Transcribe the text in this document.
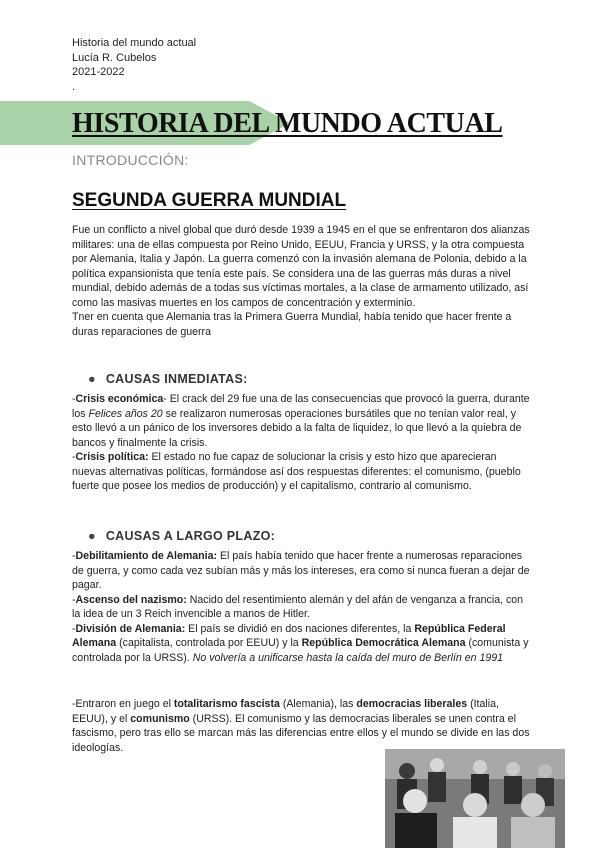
Historia del mundo actual
Lucía R. Cubelos
2021-2022
.
HISTORIA DEL MUNDO ACTUAL
INTRODUCCIÓN:
SEGUNDA GUERRA MUNDIAL
Fue un conflicto a nivel global que duró desde 1939 a 1945 en el que se enfrentaron dos alianzas militares: una de ellas compuesta por Reino Unido, EEUU, Francia y URSS, y la otra compuesta por Alemania, Italia y Japón. La guerra comenzó con la invasión alemana de Polonia, debido a la política expansionista que tenía este país. Se considera una de las guerras más duras a nivel mundial, debido además de a todas sus víctimas mortales, a la clase de armamento utilizado, así como las masivas muertes en los campos de concentración y exterminio.
Tner en cuenta que Alemania tras la Primera Guerra Mundial, había tenido que hacer frente a duras reparaciones de guerra
● CAUSAS INMEDIATAS:

-Crisis económica- El crack del 29 fue una de las consecuencias que provocó la guerra, durante los Felices años 20 se realizaron numerosas operaciones bursátiles que no tenían valor real, y esto llevó a un pánico de los inversores debido a la falta de liquidez, lo que llevó a la quiebra de bancos y finalmente la crisis.

-Crisis política: El estado no fue capaz de solucionar la crisis y esto hizo que aparecieran nuevas alternativas políticas, formándose así dos respuestas diferentes: el comunismo, (pueblo fuerte que posee los medios de producción) y el capitalismo, contrario al comunismo.

● CAUSAS A LARGO PLAZO:

-Debilitamiento de Alemania: El país había tenido que hacer frente a numerosas reparaciones de guerra, y como cada vez subían más y más los intereses, era como si nunca fueran a dejar de pagar.

-Ascenso del nazismo: Nacido del resentimiento alemán y del afán de venganza a francia, con la idea de un 3 Reich invencible a manos de Hitler.

-División de Alemania: El país se dividió en dos naciones diferentes, la República Federal Alemana (capitalista, controlada por EEUU) y la República Democrática Alemana (comunista y controlada por la URSS). No volvería a unificarse hasta la caída del muro de Berlín en 1991

-Entraron en juego el totalitarismo fascista (Alemania), las democracias liberales (Italia, EEUU), y el comunismo (URSS). El comunismo y las democracias liberales se unen contra el fascismo, pero tras ello se marcan más las diferencias entre ellos y el mundo se divide en las dos ideologías.
